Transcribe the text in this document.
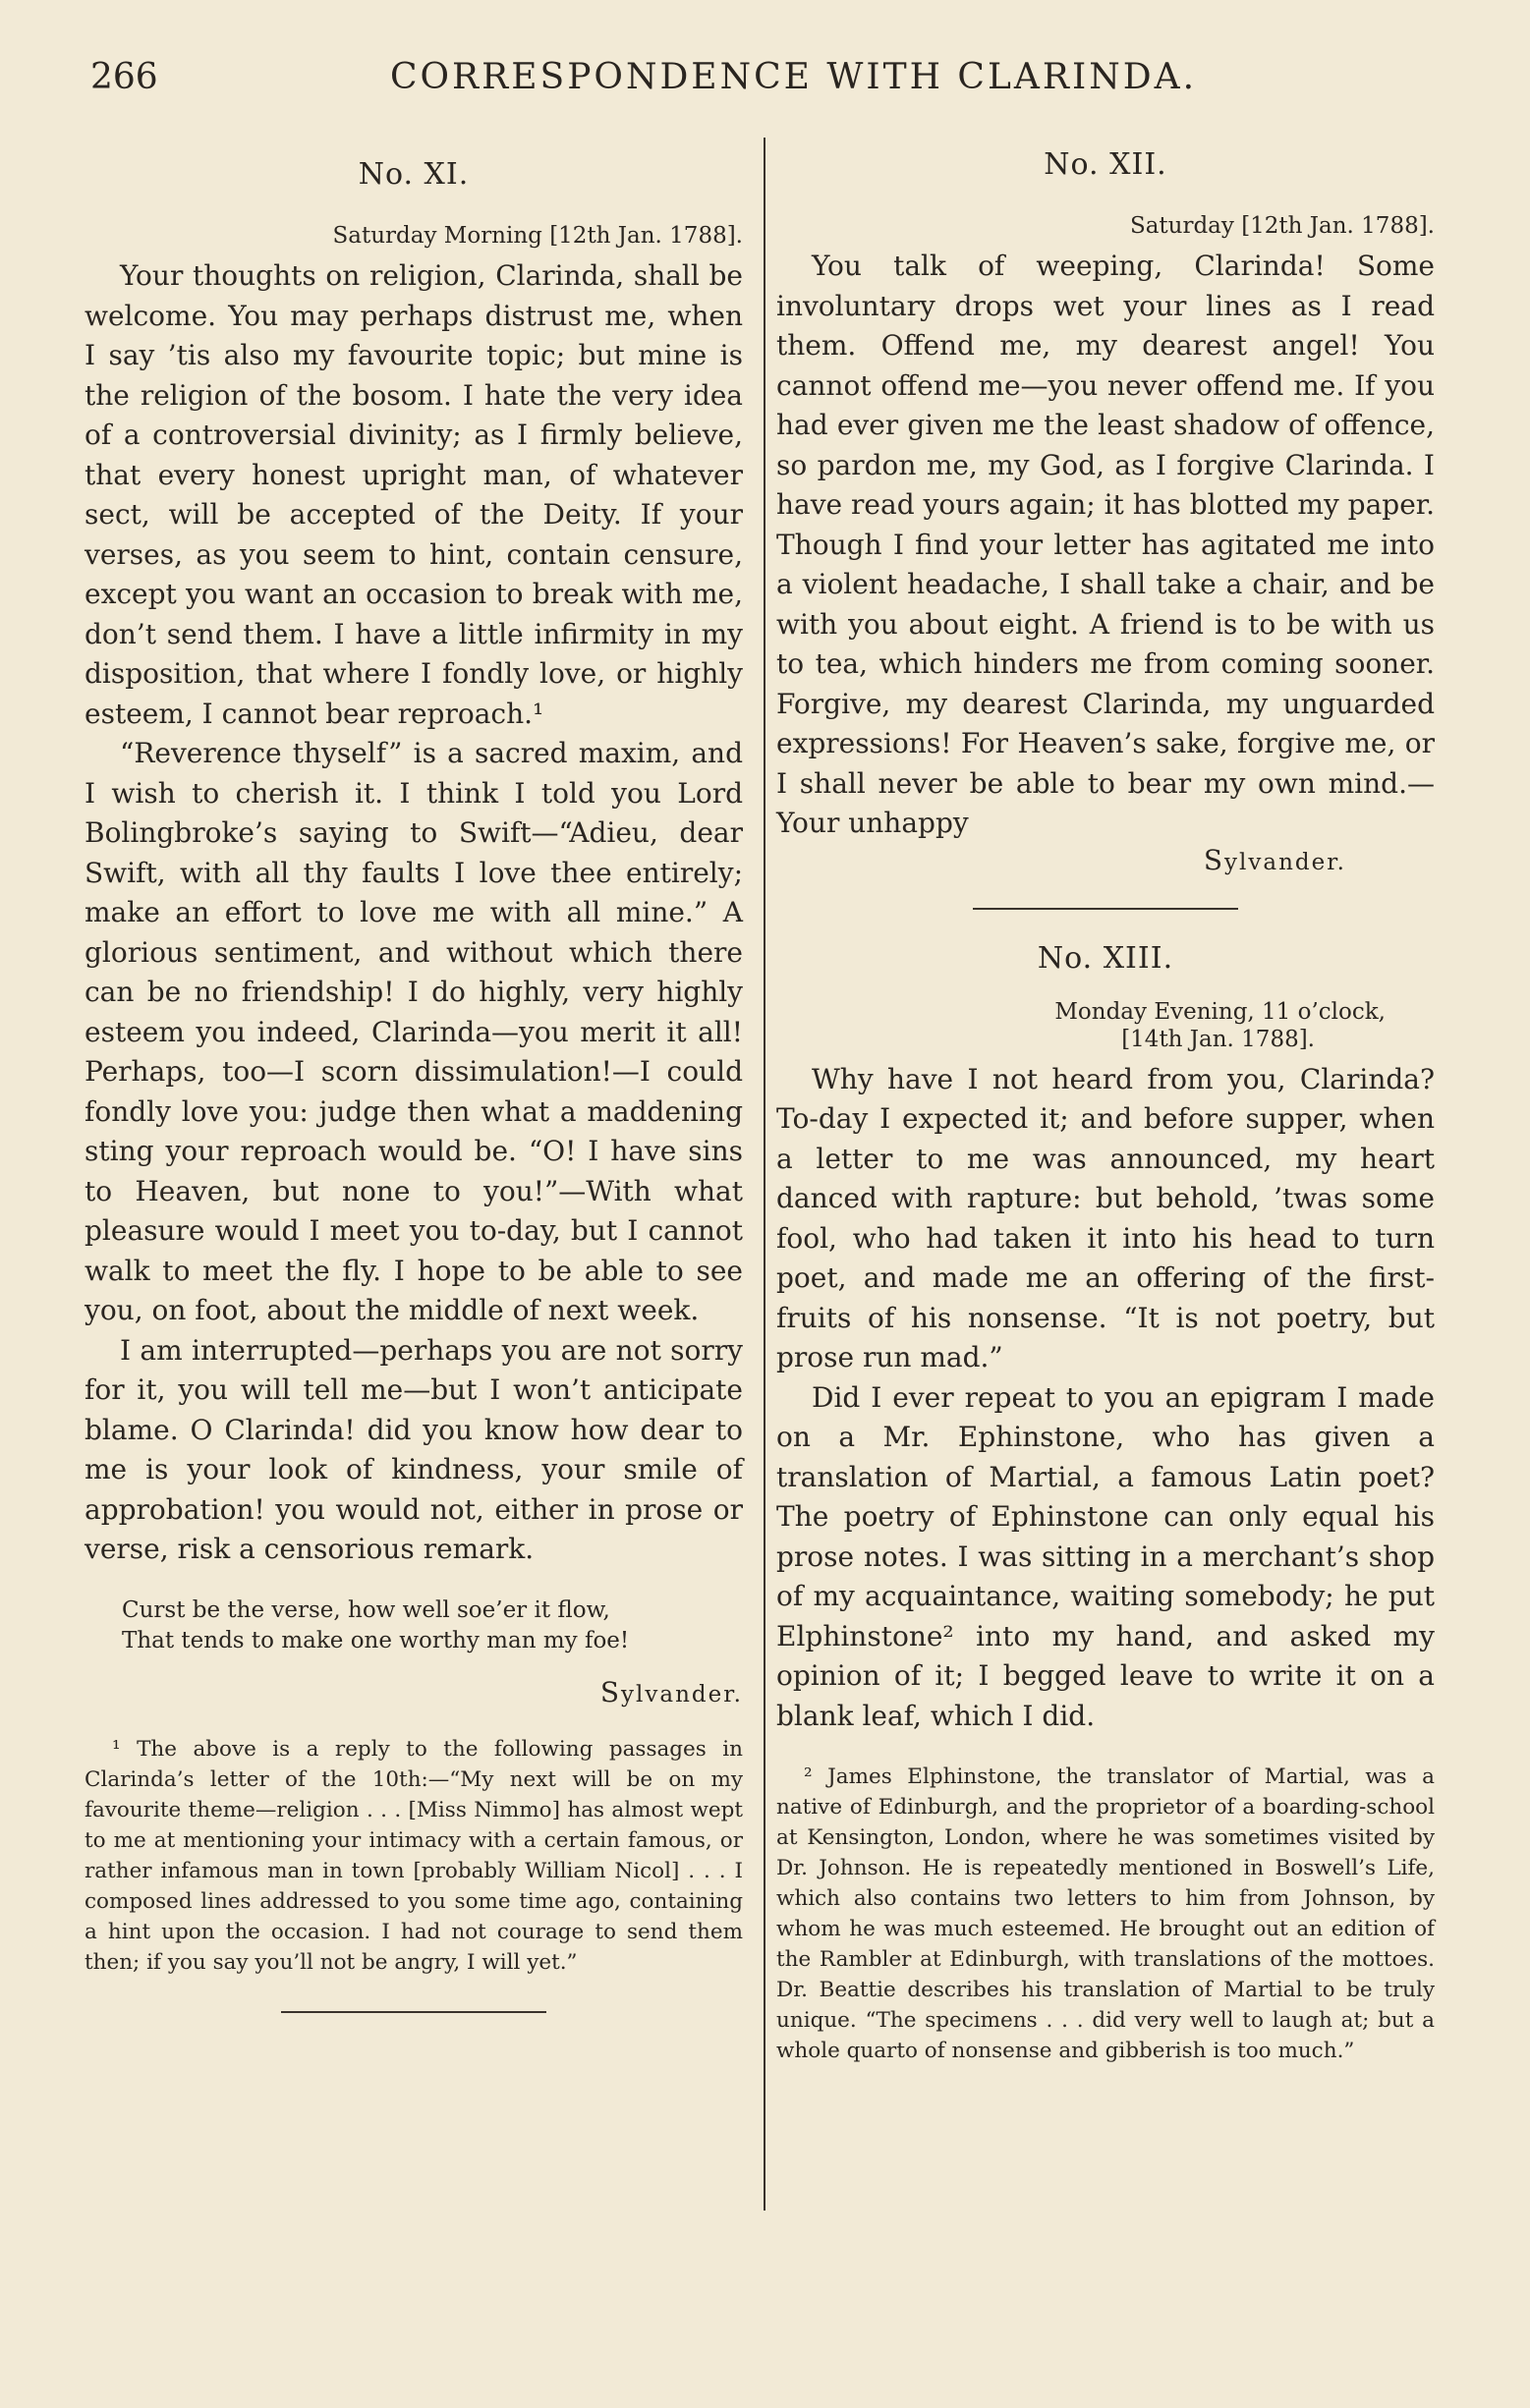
266	CORRESPONDENCE WITH CLARINDA.
No. XI.
Saturday Morning [12th Jan. 1788].

Your thoughts on religion, Clarinda, shall be welcome. You may perhaps distrust me, when I say ’tis also my favourite topic; but mine is the religion of the bosom. I hate the very idea of a controversial divinity; as I firmly believe, that every honest upright man, of whatever sect, will be accepted of the Deity. If your verses, as you seem to hint, contain censure, except you want an occasion to break with me, don’t send them. I have a little infirmity in my disposition, that where I fondly love, or highly esteem, I cannot bear reproach.¹

“Reverence thyself” is a sacred maxim, and I wish to cherish it. I think I told you Lord Bolingbroke’s saying to Swift—“Adieu, dear Swift, with all thy faults I love thee entirely; make an effort to love me with all mine.” A glorious sentiment, and without which there can be no friendship! I do highly, very highly esteem you indeed, Clarinda—you merit it all! Perhaps, too—I scorn dissimulation!—I could fondly love you: judge then what a maddening sting your reproach would be. “O! I have sins to Heaven, but none to you!”—With what pleasure would I meet you to-day, but I cannot walk to meet the fly. I hope to be able to see you, on foot, about the middle of next week.

I am interrupted—perhaps you are not sorry for it, you will tell me—but I won’t anticipate blame. O Clarinda! did you know how dear to me is your look of kindness, your smile of approbation! you would not, either in prose or verse, risk a censorious remark.

Curst be the verse, how well soe’er it flow,
That tends to make one worthy man my foe!
Sylvander.

¹ The above is a reply to the following passages in Clarinda’s letter of the 10th:—“My next will be on my favourite theme—religion . . . [Miss Nimmo] has almost wept to me at mentioning your intimacy with a certain famous, or rather infamous man in town [probably William Nicol] . . . I composed lines addressed to you some time ago, containing a hint upon the occasion. I had not courage to send them then; if you say you’ll not be angry, I will yet.”

No. XII.
Saturday [12th Jan. 1788].

You talk of weeping, Clarinda! Some involuntary drops wet your lines as I read them. Offend me, my dearest angel! You cannot offend me—you never offend me. If you had ever given me the least shadow of offence, so pardon me, my God, as I forgive Clarinda. I have read yours again; it has blotted my paper. Though I find your letter has agitated me into a violent headache, I shall take a chair, and be with you about eight. A friend is to be with us to tea, which hinders me from coming sooner. Forgive, my dearest Clarinda, my unguarded expressions! For Heaven’s sake, forgive me, or I shall never be able to bear my own mind.—Your unhappy

Sylvander.
No. XIII.
Monday Evening, 11 o’clock,
[14th Jan. 1788].

Why have I not heard from you, Clarinda? To-day I expected it; and before supper, when a letter to me was announced, my heart danced with rapture: but behold, ’twas some fool, who had taken it into his head to turn poet, and made me an offering of the first-fruits of his nonsense. “It is not poetry, but prose run mad.”

Did I ever repeat to you an epigram I made on a Mr. Ephinstone, who has given a translation of Martial, a famous Latin poet? The poetry of Ephinstone can only equal his prose notes. I was sitting in a merchant’s shop of my acquaintance, waiting somebody; he put Elphinstone² into my hand, and asked my opinion of it; I begged leave to write it on a blank leaf, which I did.

² James Elphinstone, the translator of Martial, was a native of Edinburgh, and the proprietor of a boarding-school at Kensington, London, where he was sometimes visited by Dr. Johnson. He is repeatedly mentioned in Boswell’s Life, which also contains two letters to him from Johnson, by whom he was much esteemed. He brought out an edition of the Rambler at Edinburgh, with translations of the mottoes. Dr. Beattie describes his translation of Martial to be truly unique. “The specimens . . . did very well to laugh at; but a whole quarto of nonsense and gibberish is too much.”
